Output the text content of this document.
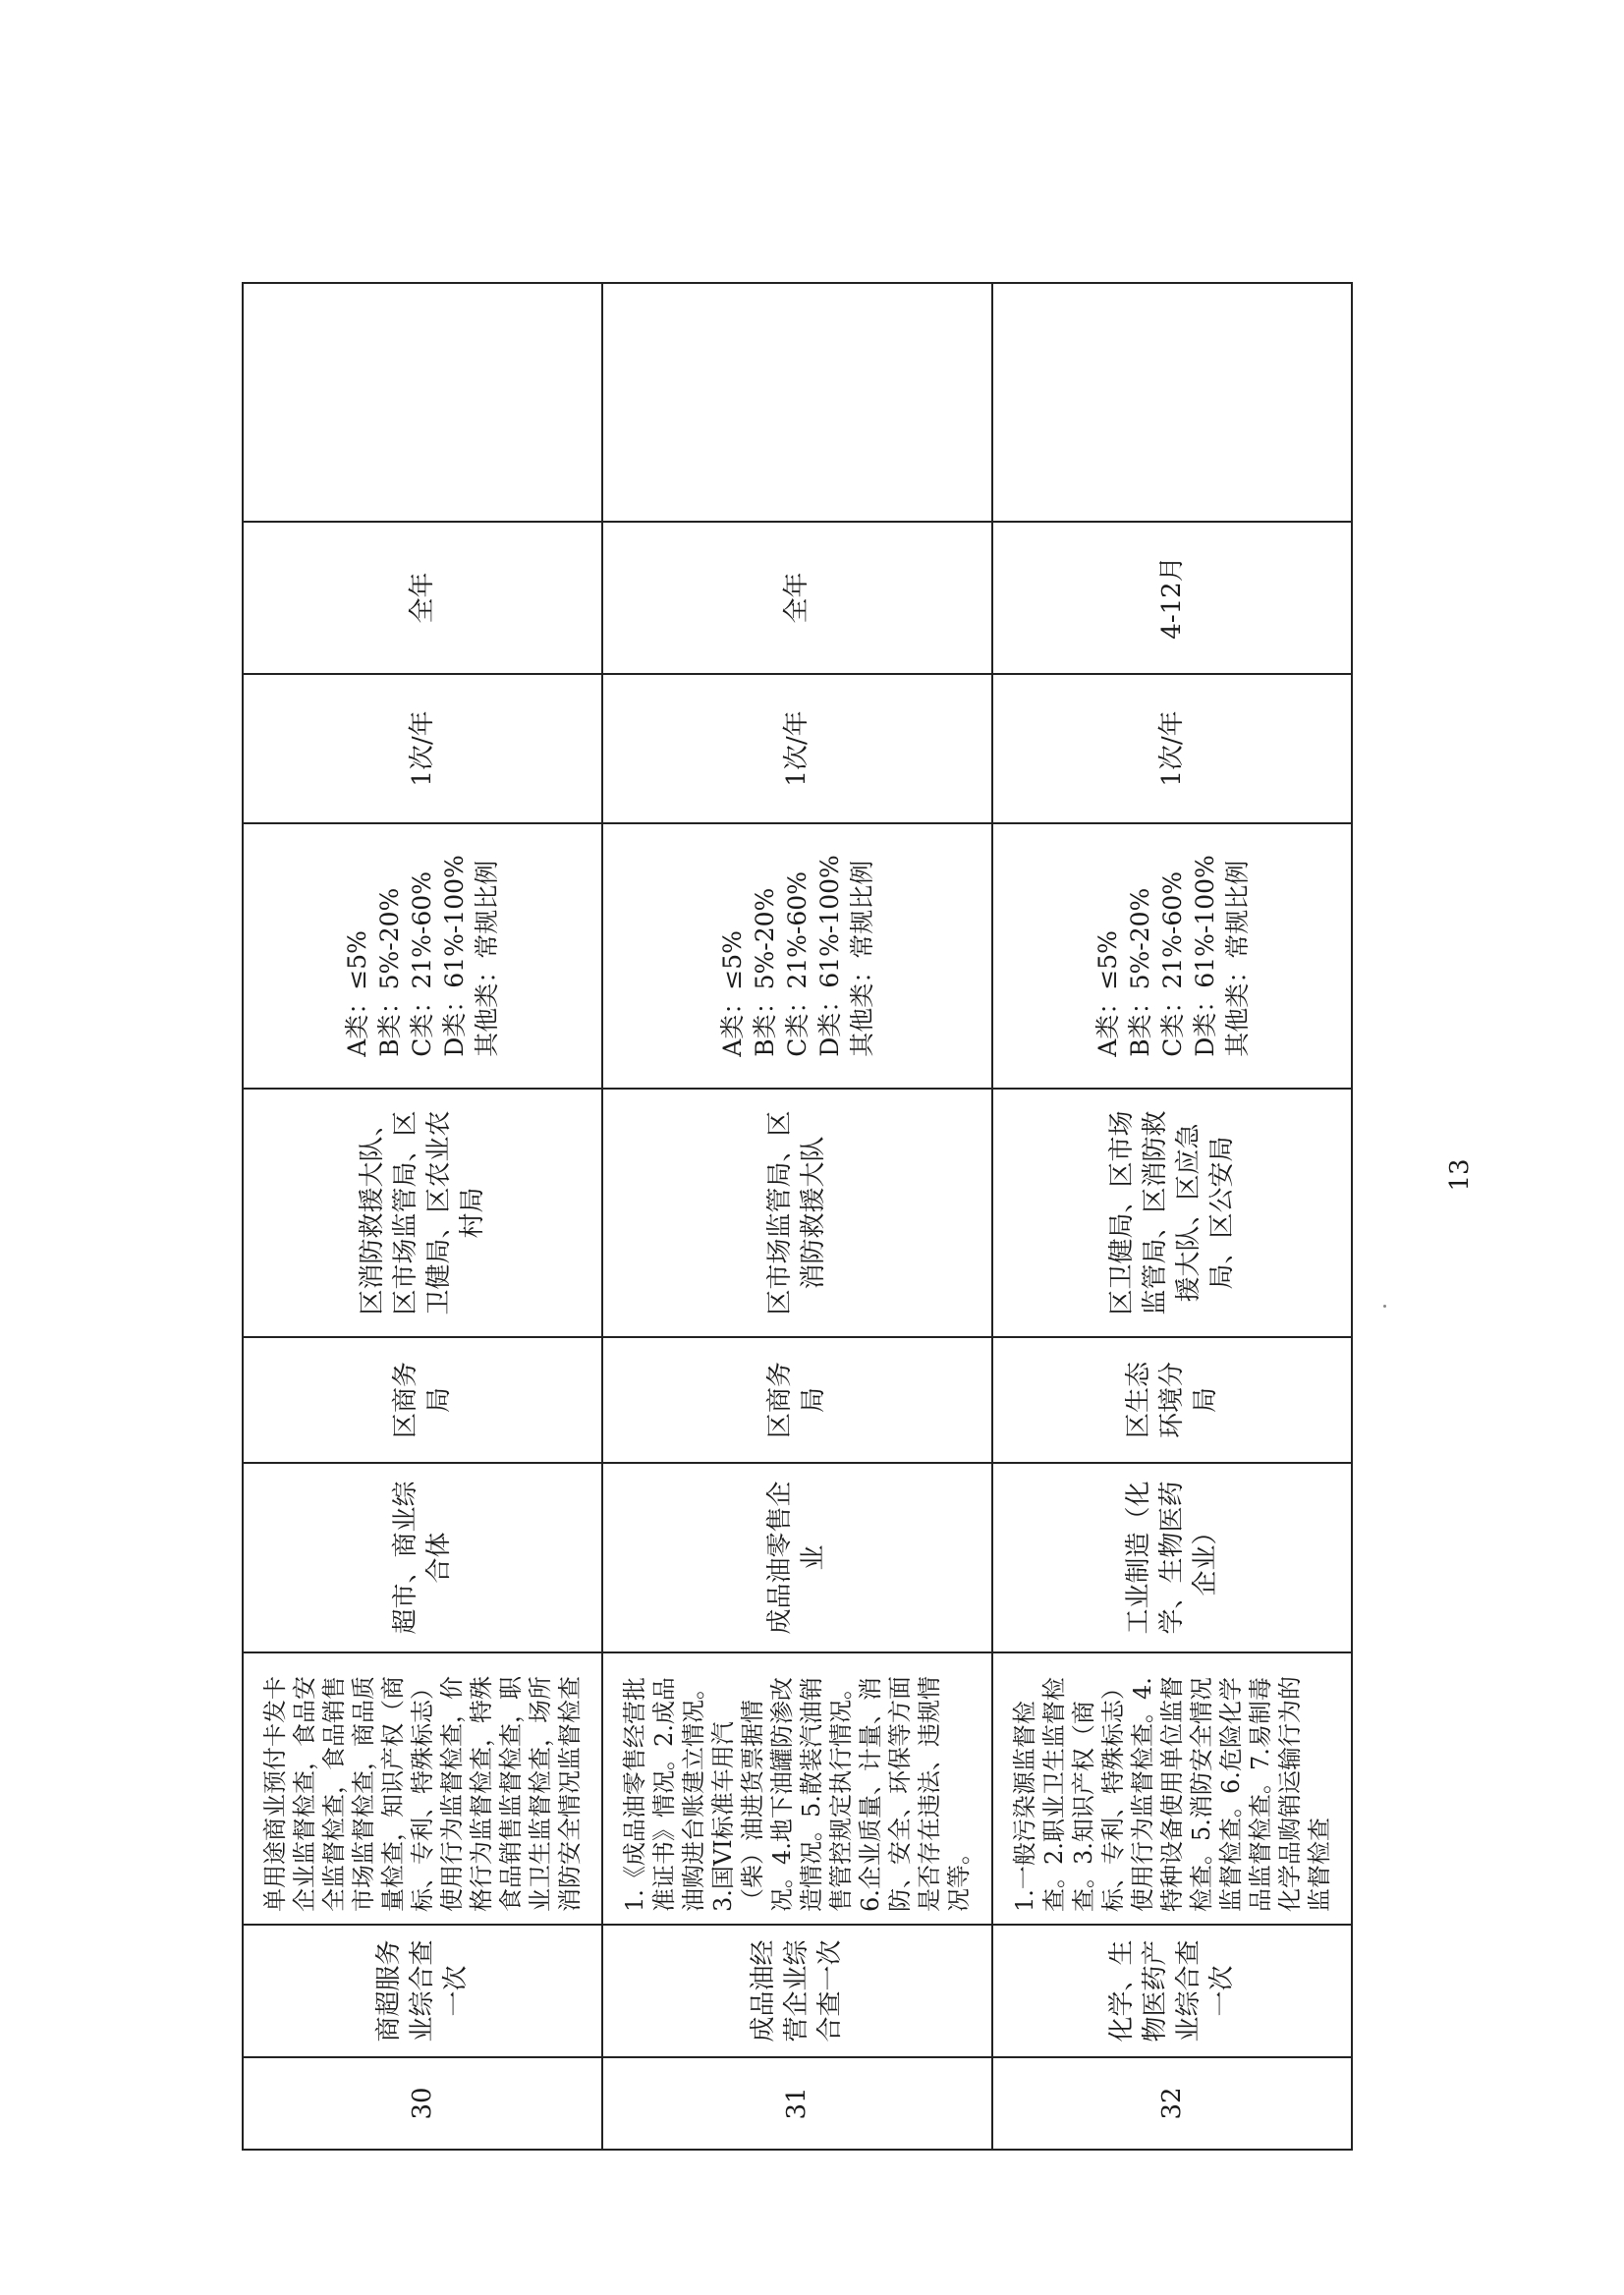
30	商超服务业综合查一次	单用途商业预付卡发卡企业监督检查，食品安全监督检查，食品销售市场监督检查，商品质量检查，知识产权（商标、专利、特殊标志）使用行为监督检查，价格行为监督检查，特殊食品销售监督检查，职业卫生监督检查，场所消防安全情况监督检查	超市、商业综合体	区商务局	区消防救援大队、区市场监管局、区卫健局、区农业农村局	A类：≤5% B类：5%-20% C类：21%-60% D类：61%-100% 其他类：常规比例	1次/年	全年	
31	成品油经营企业综合查一次	1.《成品油零售经营批准证书》情况。2.成品油购进台账建立情况。3.国VI标准车用汽（柴）油进货票据情况。4.地下油罐防渗改造情况。5.散装汽油销售管控规定执行情况。6.企业质量、计量、消防、安全、环保等方面是否存在违法、违规情况等。	成品油零售企业	区商务局	区市场监管局、区消防救援大队	A类：≤5% B类：5%-20% C类：21%-60% D类：61%-100% 其他类：常规比例	1次/年	全年	
32	化学、生物医药产业综合查一次	1.一般污染源监督检查。2.职业卫生监督检查。3.知识产权（商标、专利、特殊标志）使用行为监督检查。4.特种设备使用单位监督检查。5.消防安全情况监督检查。6.危险化学品监督检查。7.易制毒化学品购销运输行为的监督检查	工业制造（化学、生物医药企业）	区生态环境分局	区卫健局、区市场监管局、区消防救援大队、区应急局、区公安局	A类：≤5% B类：5%-20% C类：21%-60% D类：61%-100% 其他类：常规比例	1次/年	4-12月	
13
